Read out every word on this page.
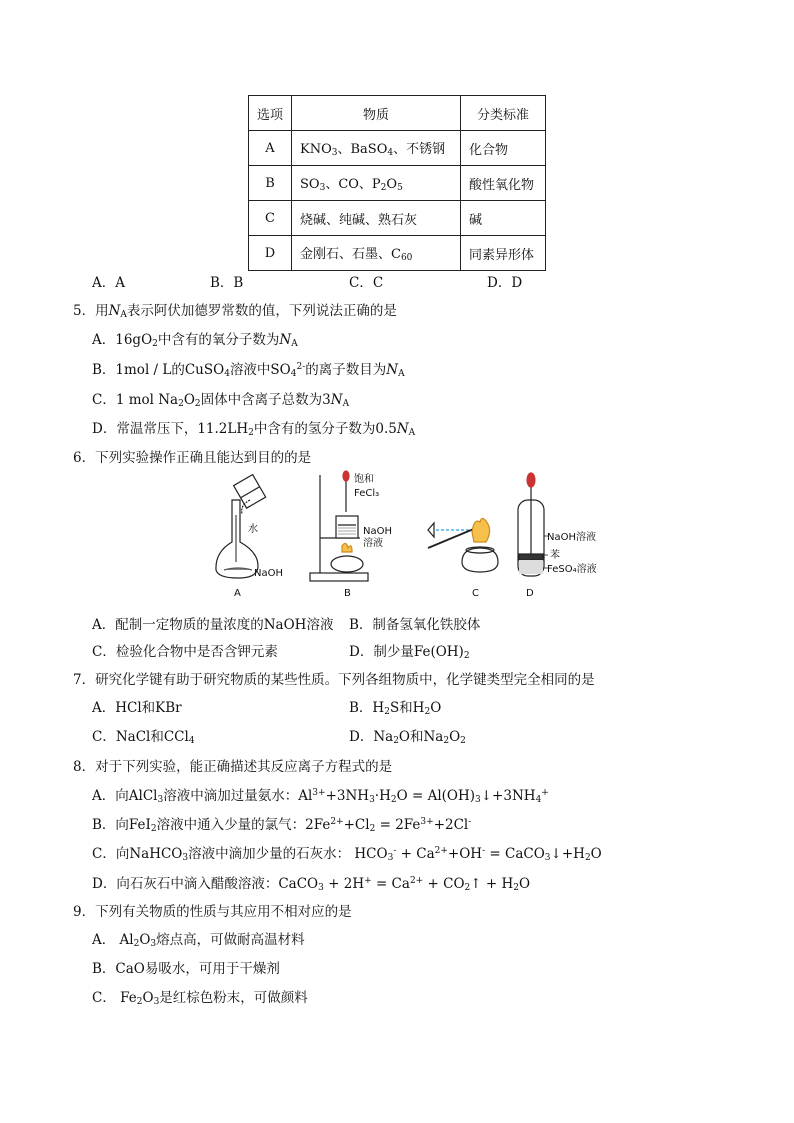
选项	物质	分类标准
A	$KNO_3$、BaSO$_4$、不锈钢	化合物
B	$SO_3$、CO、$P_2O_5$	酸性氧化物
C	烧碱、纯碱、熟石灰	碱
D	金刚石、石墨、$C_{60}$	同素异形体
A．A	B．B	C．C	D．D
5．用$N_A$表示阿伏加德罗常数的值，下列说法正确的是
A．$16gO_2$中含有的氧分子数为$N_A$
B．1mol / L的CuSO$_4$溶液中$SO_4^{2-}$的离子数目为$N_A$
C．1 mol $Na_2O_2$固体中含离子总数为$3N_A$
D．常温常压下，$11.2LH_2$中含有的氢分子数为$0.5N_A$
6．下列实验操作正确且能达到目的的是
水
NaOH
A
饱和
FeCl₃
NaOH
溶液
B	C
NaOH溶液
苯
FeSO₄溶液
D
A．配制一定物质的量浓度的NaOH溶液 B．制备氢氧化铁胶体
C．检验化合物中是否含钾元素	D．制少量$Fe(OH)_2$
7．研究化学键有助于研究物质的某些性质。下列各组物质中，化学键类型完全相同的是
A．HCl和KBr	B．$H_2S$和$H_2O$
C．NaCl和CCl$_4$	D．$Na_2O$和$Na_2O_2$
8．对于下列实验，能正确描述其反应离子方程式的是
A．向AlCl$_3$溶液中滴加过量氨水：$Al^{3+}+3NH_3\cdot H_2O$ = $Al(OH)_3↓+3NH_4^+$
B．向FeI$_2$溶液中通入少量的氯气：$2Fe^{2+}+Cl_2 = 2Fe^{3+}+2Cl^-$
C．向NaHCO$_3$溶液中滴加少量的石灰水： $HCO_3^- + Ca^{2+}+OH^-$ = $CaCO_3↓+H_2O$
D．向石灰石中滴入醋酸溶液：CaCO$_3$ + $2H^+ = Ca^{2+}$ + $CO_2↑ + H_2O$
9．下列有关物质的性质与其应用不相对应的是
A． $Al_2O_3$熔点高，可做耐高温材料
B．CaO易吸水，可用于干燥剂
C． $Fe_2O_3$是红棕色粉末，可做颜料
